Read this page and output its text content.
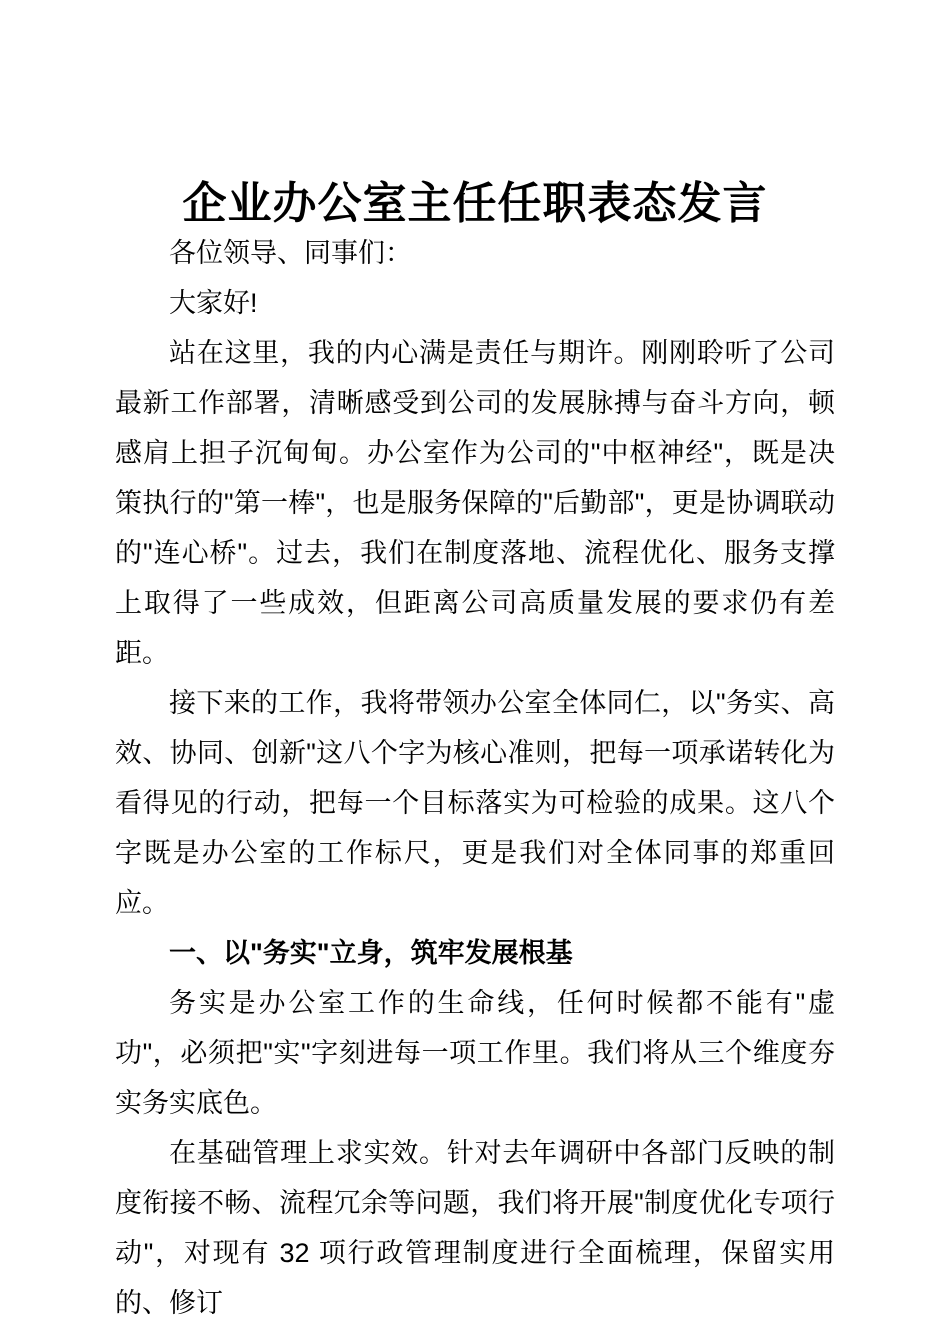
企业办公室主任任职表态发言

各位领导、同事们：

大家好!

站在这里，我的内心满是责任与期许。刚刚聆听了公司最新工作部署，清晰感受到公司的发展脉搏与奋斗方向，顿感肩上担子沉甸甸。办公室作为公司的"中枢神经"，既是决策执行的"第一棒"，也是服务保障的"后勤部"，更是协调联动的"连心桥"。过去，我们在制度落地、流程优化、服务支撑上取得了一些成效，但距离公司高质量发展的要求仍有差距。

接下来的工作，我将带领办公室全体同仁，以"务实、高效、协同、创新"这八个字为核心准则，把每一项承诺转化为看得见的行动，把每一个目标落实为可检验的成果。这八个字既是办公室的工作标尺，更是我们对全体同事的郑重回应。

一、以"务实"立身，筑牢发展根基

务实是办公室工作的生命线，任何时候都不能有"虚功"，必须把"实"字刻进每一项工作里。我们将从三个维度夯实务实底色。

在基础管理上求实效。针对去年调研中各部门反映的制度衔接不畅、流程冗余等问题，我们将开展"制度优化专项行动"，对现有 32 项行政管理制度进行全面梳理，保留实用的、修订
